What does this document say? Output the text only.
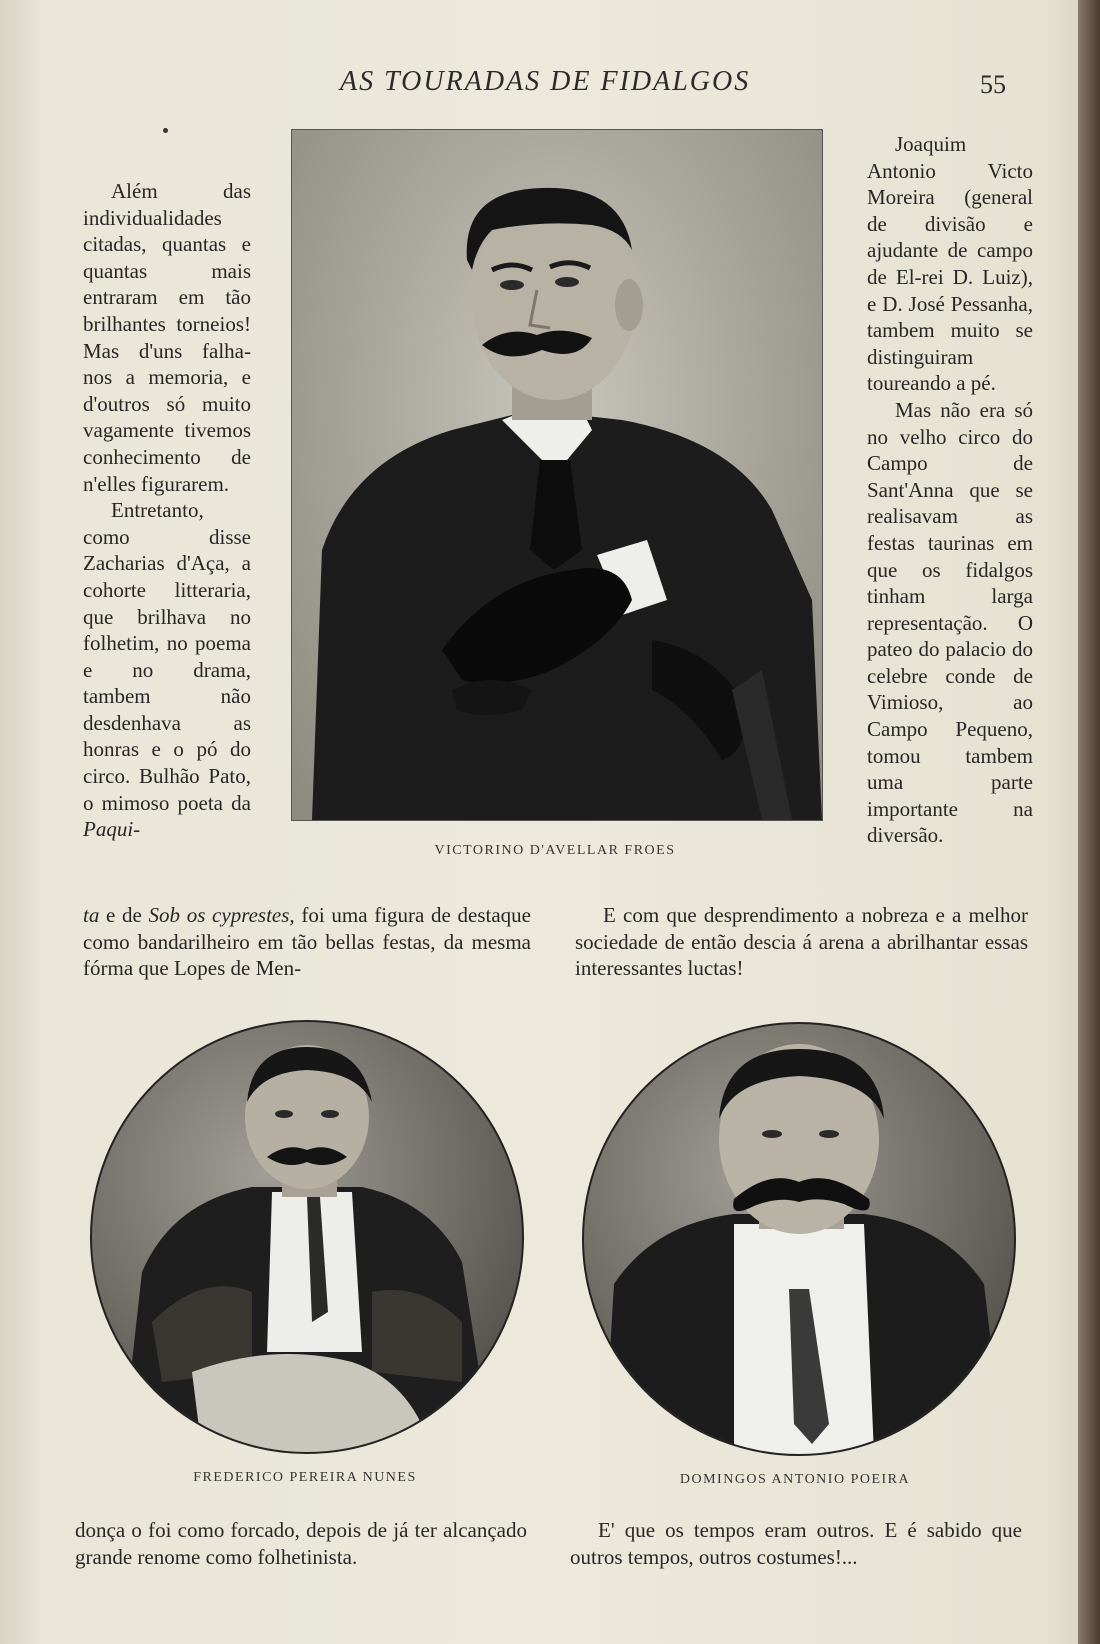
AS TOURADAS DE FIDALGOS	55

Além das individualidades citadas, quantas e quantas mais entraram em tão brilhantes torneios! Mas d'uns falha-nos a memoria, e d'outros só muito vagamente tivemos conhecimento de n'elles figurarem.

Entretanto, como disse Zacharias d'Aça, a cohorte litteraria, que brilhava no folhetim, no poema e no drama, tambem não desdenhava as honras e o pó do circo. Bulhão Pato, o mimoso poeta da Paqui-

VICTORINO D'AVELLAR FROES

Joaquim Antonio Victo Moreira (general de divisão e ajudante de campo de El-rei D. Luiz), e D. José Pessanha, tambem muito se distinguiram toureando a pé.

Mas não era só no velho circo do Campo de Sant'Anna que se realisavam as festas taurinas em que os fidalgos tinham larga representação. O pateo do palacio do celebre conde de Vimioso, ao Campo Pequeno, tomou tambem uma parte importante na diversão.

ta e de Sob os cyprestes, foi uma figura de destaque como bandarilheiro em tão bellas festas, da mesma fórma que Lopes de Men-

E com que desprendimento a nobreza e a melhor sociedade de então descia á arena a abrilhantar essas interessantes luctas!

FREDERICO PEREIRA NUNES	DOMINGOS ANTONIO POEIRA

donça o foi como forcado, depois de já ter alcançado grande renome como folhetinista.

E' que os tempos eram outros. E é sabido que outros tempos, outros costumes!...
